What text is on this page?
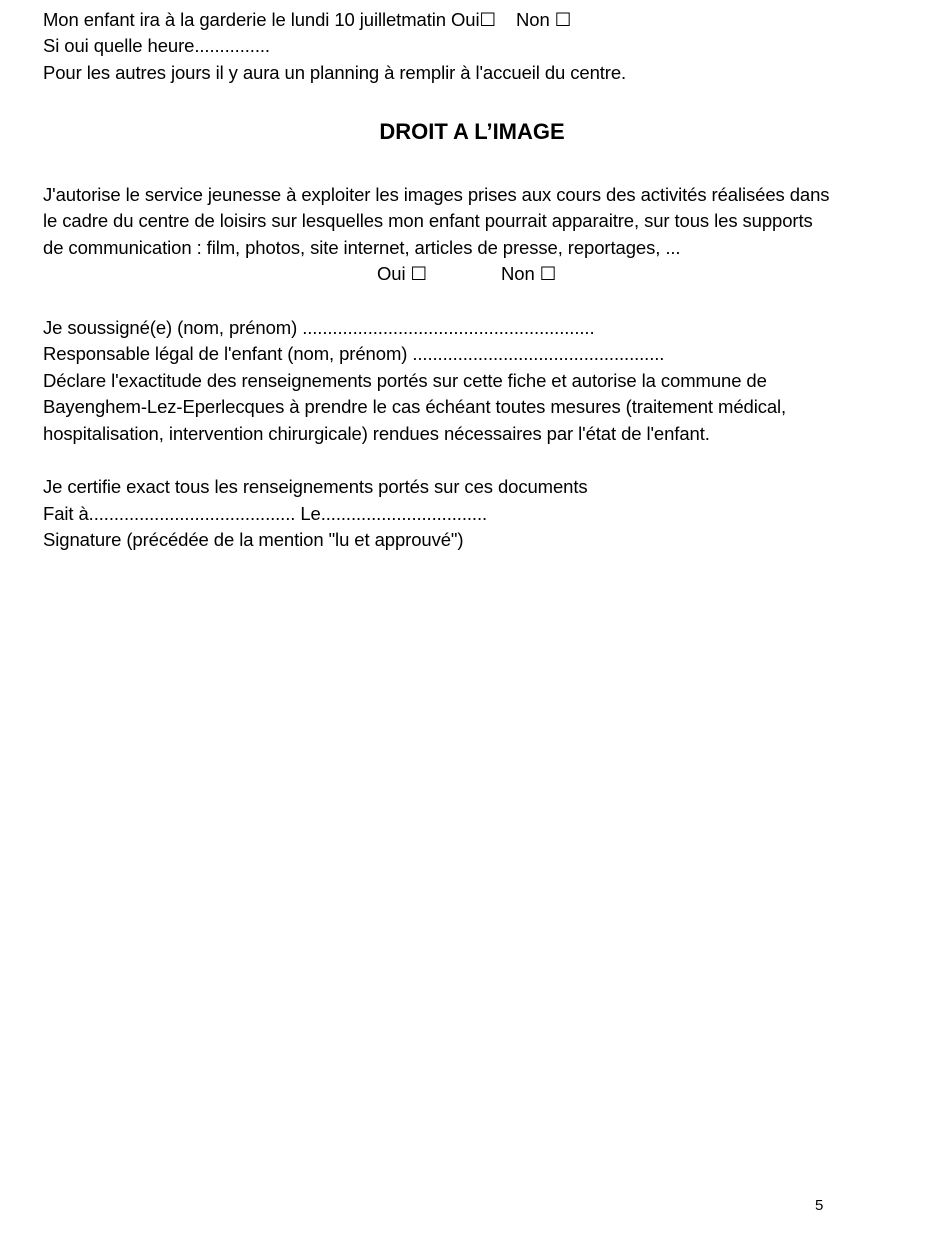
Mon enfant ira à la garderie le lundi 10 juilletmatin Oui☐ Non ☐
Si oui quelle heure...............
Pour les autres jours il y aura un planning à remplir à l'accueil du centre.
DROIT A L’IMAGE
J'autorise le service jeunesse à exploiter les images prises aux cours des activités réalisées dans
le cadre du centre de loisirs sur lesquelles mon enfant pourrait apparaitre, sur tous les supports
de communication : film, photos, site internet, articles de presse, reportages, ...
Oui ☐	Non ☐
Je soussigné(e) (nom, prénom) ..........................................................
Responsable légal de l'enfant (nom, prénom) ..................................................
Déclare l'exactitude des renseignements portés sur cette fiche et autorise la commune de
Bayenghem-Lez-Eperlecques à prendre le cas échéant toutes mesures (traitement médical,
hospitalisation, intervention chirurgicale) rendues nécessaires par l'état de l'enfant.
Je certifie exact tous les renseignements portés sur ces documents
Fait à......................................... Le.................................
Signature (précédée de la mention "lu et approuvé")
5
